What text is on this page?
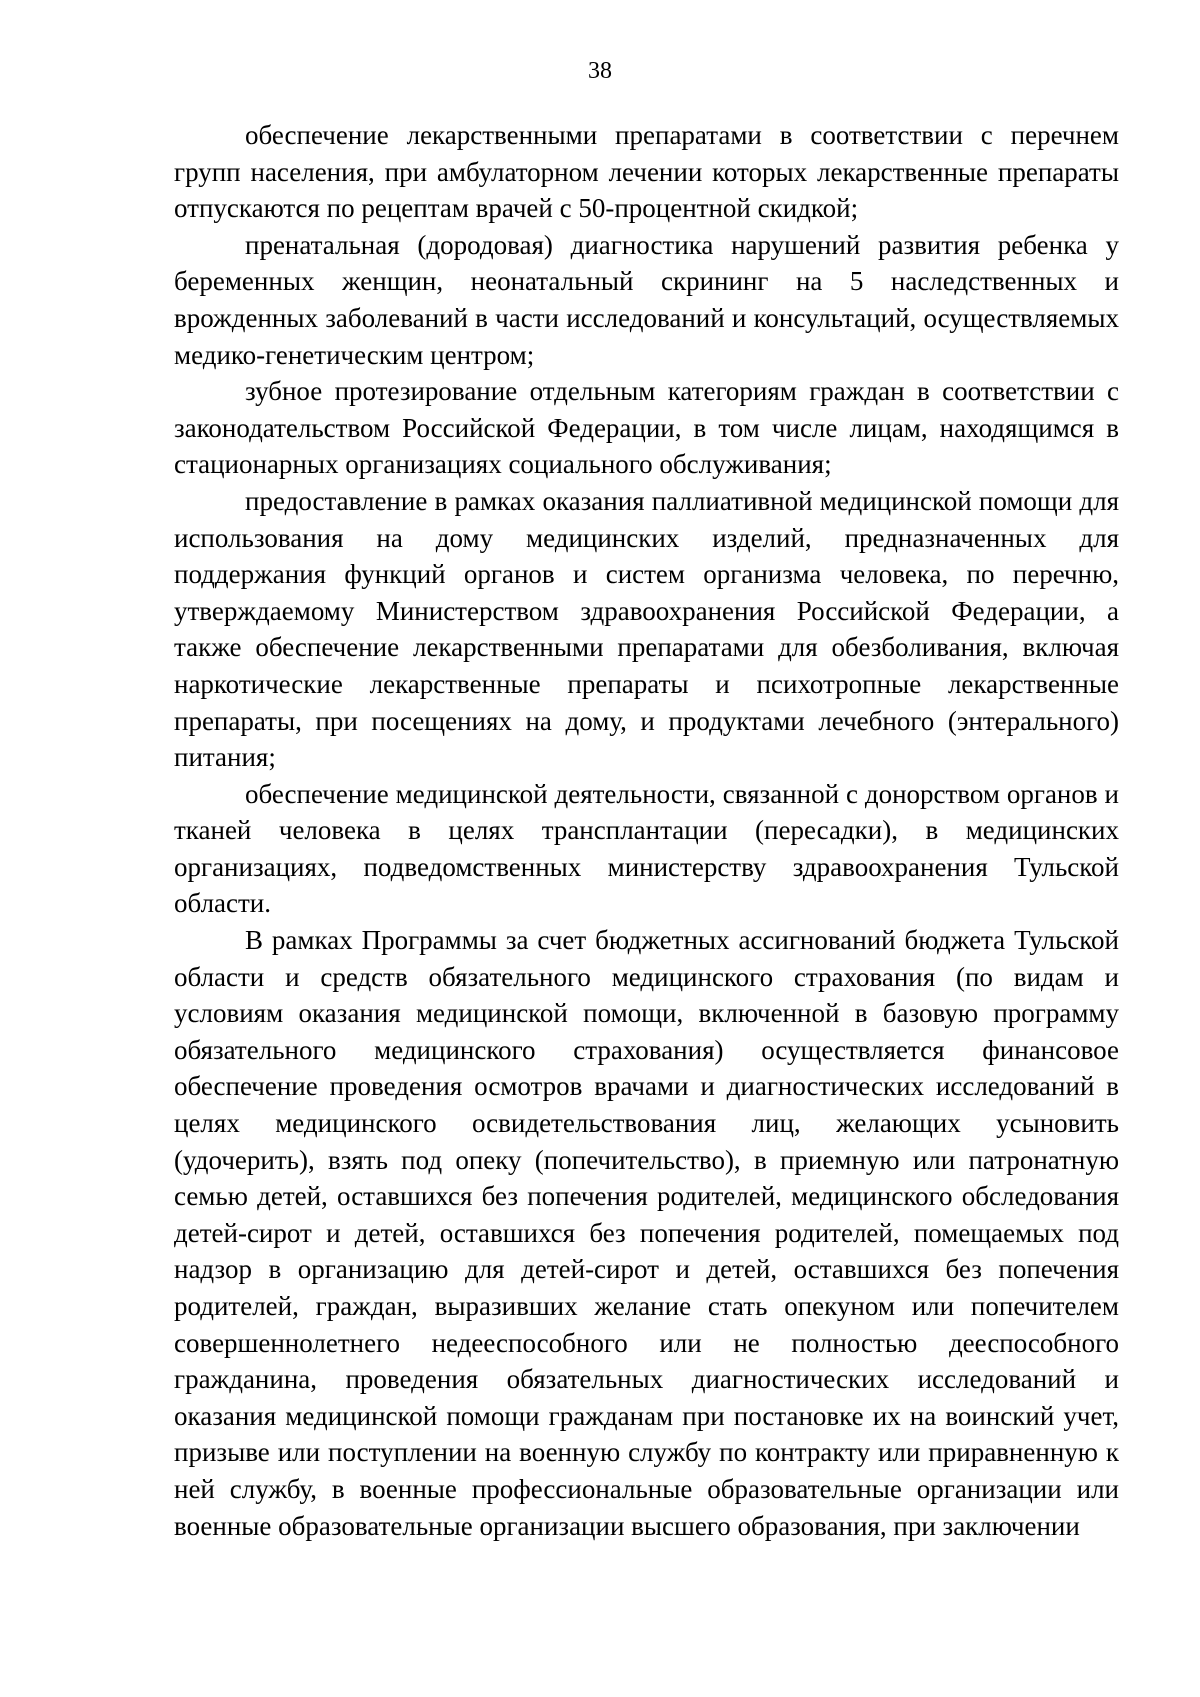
38

обеспечение лекарственными препаратами в соответствии с перечнем групп населения, при амбулаторном лечении которых лекарственные препараты отпускаются по рецептам врачей с 50-процентной скидкой;

пренатальная (дородовая) диагностика нарушений развития ребенка у беременных женщин, неонатальный скрининг на 5 наследственных и врожденных заболеваний в части исследований и консультаций, осуществляемых медико-генетическим центром;

зубное протезирование отдельным категориям граждан в соответствии с законодательством Российской Федерации, в том числе лицам, находящимся в стационарных организациях социального обслуживания;

предоставление в рамках оказания паллиативной медицинской помощи для использования на дому медицинских изделий, предназначенных для поддержания функций органов и систем организма человека, по перечню, утверждаемому Министерством здравоохранения Российской Федерации, а также обеспечение лекарственными препаратами для обезболивания, включая наркотические лекарственные препараты и психотропные лекарственные препараты, при посещениях на дому, и продуктами лечебного (энтерального) питания;

обеспечение медицинской деятельности, связанной с донорством органов и тканей человека в целях трансплантации (пересадки), в медицинских организациях, подведомственных министерству здравоохранения Тульской области.

В рамках Программы за счет бюджетных ассигнований бюджета Тульской области и средств обязательного медицинского страхования (по видам и условиям оказания медицинской помощи, включенной в базовую программу обязательного медицинского страхования) осуществляется финансовое обеспечение проведения осмотров врачами и диагностических исследований в целях медицинского освидетельствования лиц, желающих усыновить (удочерить), взять под опеку (попечительство), в приемную или патронатную семью детей, оставшихся без попечения родителей, медицинского обследования детей-сирот и детей, оставшихся без попечения родителей, помещаемых под надзор в организацию для детей-сирот и детей, оставшихся без попечения родителей, граждан, выразивших желание стать опекуном или попечителем совершеннолетнего недееспособного или не полностью дееспособного гражданина, проведения обязательных диагностических исследований и оказания медицинской помощи гражданам при постановке их на воинский учет, призыве или поступлении на военную службу по контракту или приравненную к ней службу, в военные профессиональные образовательные организации или военные образовательные организации высшего образования, при заключении
